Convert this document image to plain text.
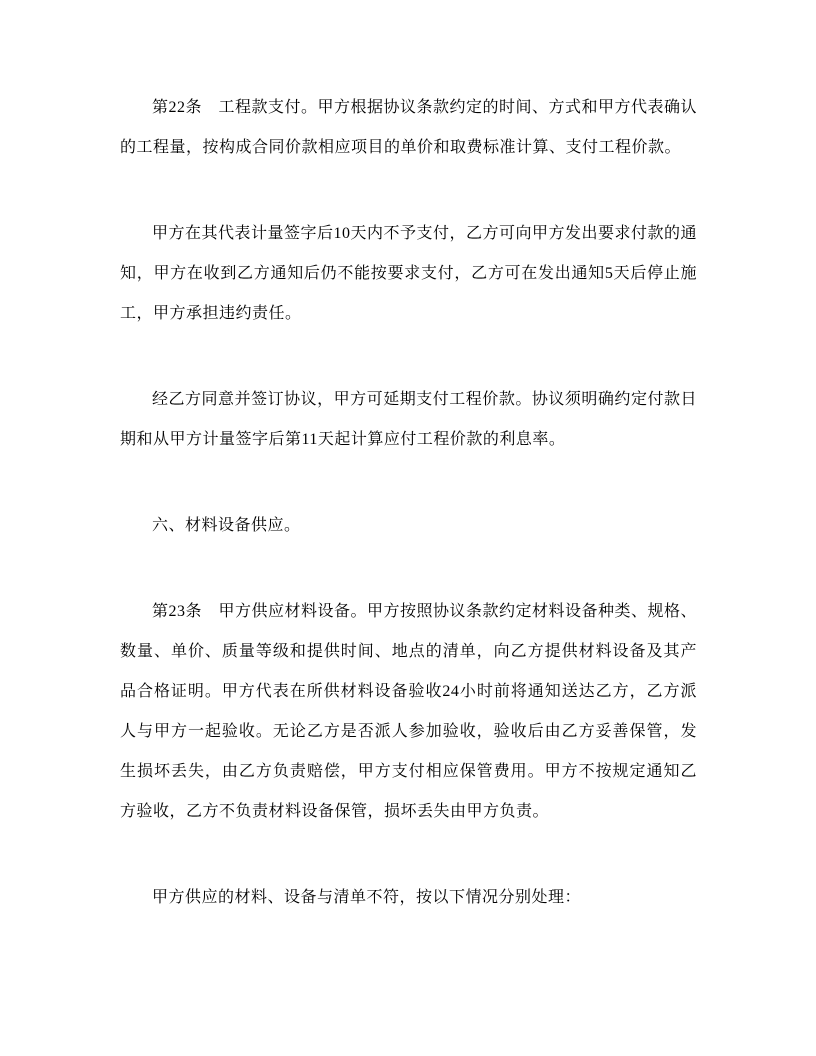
第22条　工程款支付。甲方根据协议条款约定的时间、方式和甲方代表确认的工程量，按构成合同价款相应项目的单价和取费标准计算、支付工程价款。

甲方在其代表计量签字后10天内不予支付，乙方可向甲方发出要求付款的通知，甲方在收到乙方通知后仍不能按要求支付，乙方可在发出通知5天后停止施工，甲方承担违约责任。

经乙方同意并签订协议，甲方可延期支付工程价款。协议须明确约定付款日期和从甲方计量签字后第11天起计算应付工程价款的利息率。

六、材料设备供应。

第23条　甲方供应材料设备。甲方按照协议条款约定材料设备种类、规格、数量、单价、质量等级和提供时间、地点的清单，向乙方提供材料设备及其产品合格证明。甲方代表在所供材料设备验收24小时前将通知送达乙方，乙方派人与甲方一起验收。无论乙方是否派人参加验收，验收后由乙方妥善保管，发生损坏丢失，由乙方负责赔偿，甲方支付相应保管费用。甲方不按规定通知乙方验收，乙方不负责材料设备保管，损坏丢失由甲方负责。

甲方供应的材料、设备与清单不符，按以下情况分别处理：
